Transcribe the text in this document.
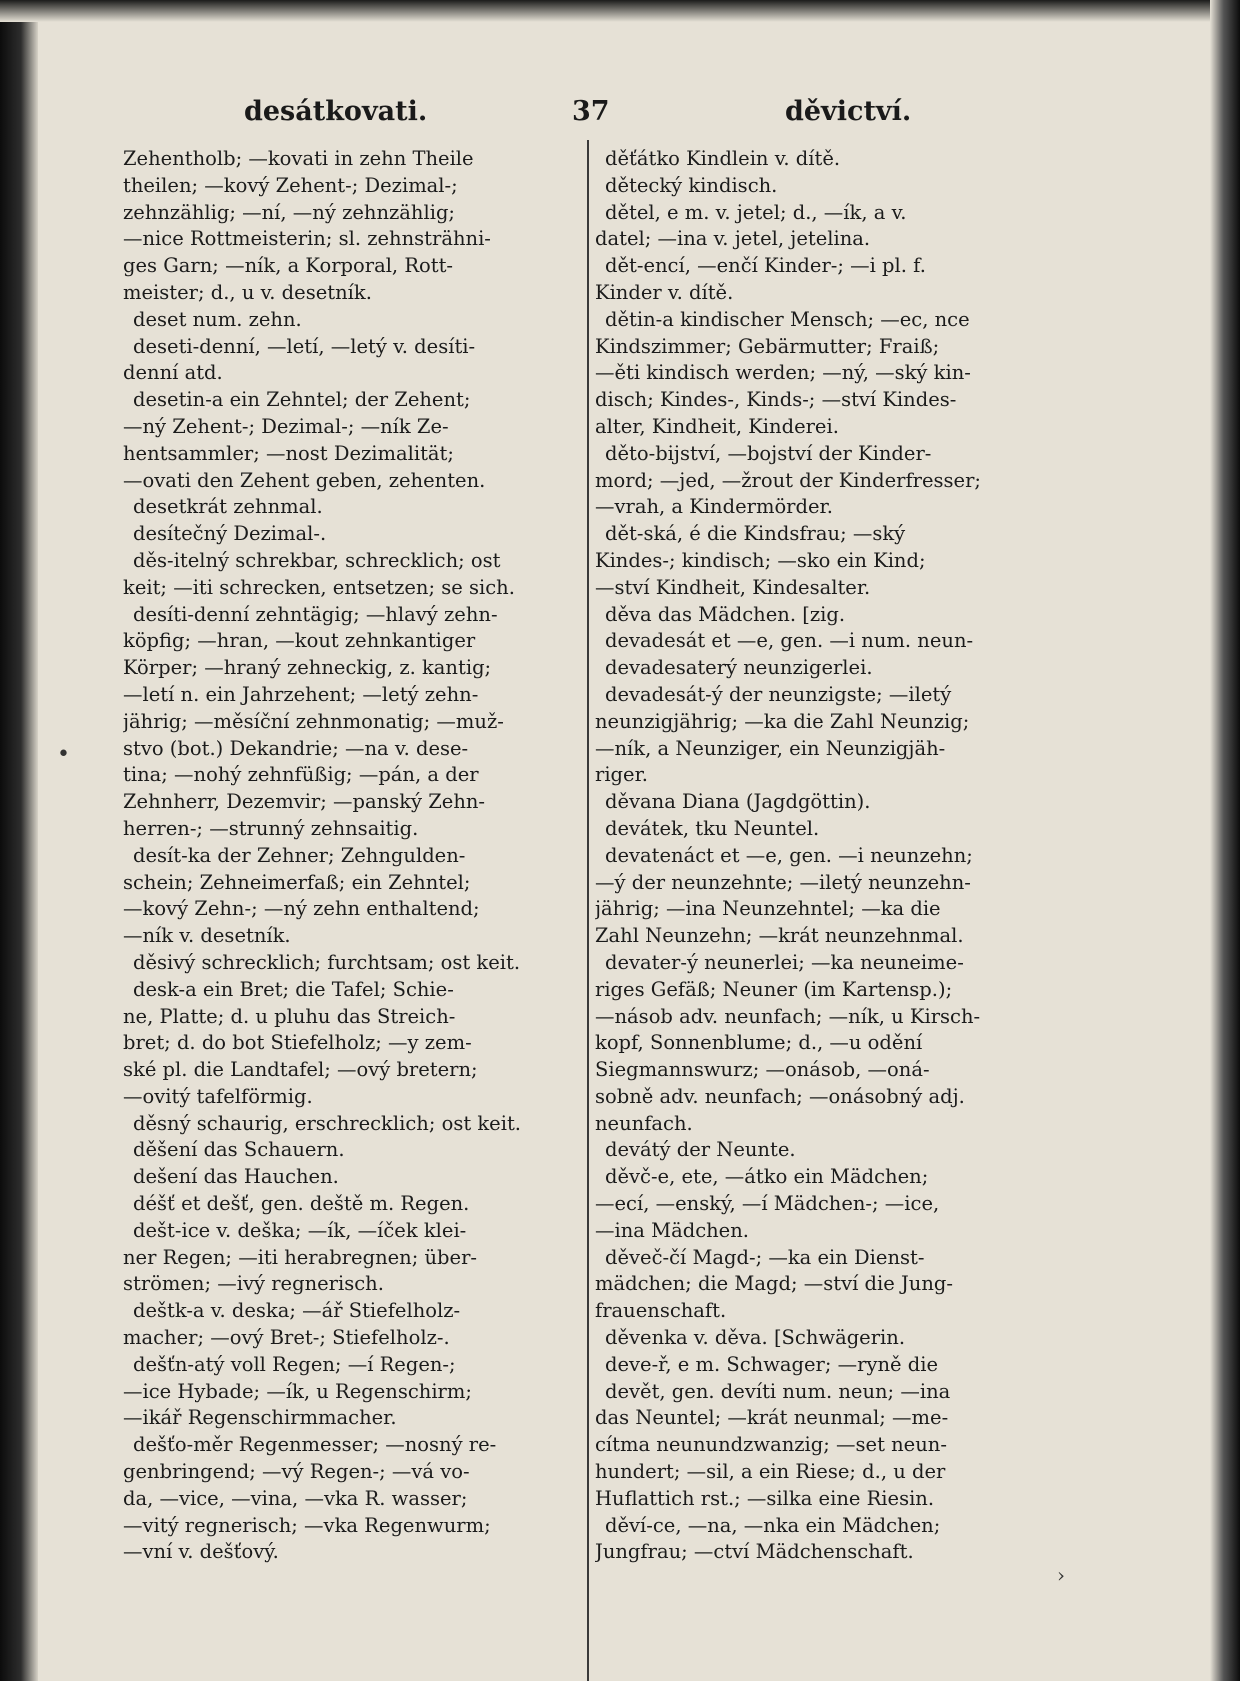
desátkovati.	37	děvictví.
Zehentholb; —kovati in zehn Theile
theilen; —kový Zehent-; Dezimal-;
zehnzählig; —ní, —ný zehnzählig;
—nice Rottmeisterin; sl. zehnsträhni-
ges Garn; —ník, a Korporal, Rott-
meister; d., u v. desetník.
deset num. zehn.
deseti-denní, —letí, —letý v. desíti-
denní atd.
desetin-a ein Zehntel; der Zehent;
—ný Zehent-; Dezimal-; —ník Ze-
hentsammler; —nost Dezimalität;
—ovati den Zehent geben, zehenten.
desetkrát zehnmal.
desítečný Dezimal-.
děs-itelný schrekbar, schrecklich; ost
keit; —iti schrecken, entsetzen; se sich.
desíti-denní zehntägig; —hlavý zehn-
köpfig; —hran, —kout zehnkantiger
Körper; —hraný zehneckig, z. kantig;
—letí n. ein Jahrzehent; —letý zehn-
jährig; —měsíční zehnmonatig; —muž-
stvo (bot.) Dekandrie; —na v. dese-
tina; —nohý zehnfüßig; —pán, a der
Zehnherr, Dezemvir; —panský Zehn-
herren-; —strunný zehnsaitig.
desít-ka der Zehner; Zehngulden-
schein; Zehneimerfaß; ein Zehntel;
—kový Zehn-; —ný zehn enthaltend;
—ník v. desetník.
děsivý schrecklich; furchtsam; ost keit.
desk-a ein Bret; die Tafel; Schie-
ne, Platte; d. u pluhu das Streich-
bret; d. do bot Stiefelholz; —y zem-
ské pl. die Landtafel; —ový bretern;
—ovitý tafelförmig.
děsný schaurig, erschrecklich; ost keit.
děšení das Schauern.
dešení das Hauchen.
déšť et dešť, gen. deště m. Regen.
dešt-ice v. deška; —ík, —íček klei-
ner Regen; —iti herabregnen; über-
strömen; —ivý regnerisch.
deštk-a v. deska; —ář Stiefelholz-
macher; —ový Bret-; Stiefelholz-.
dešťn-atý voll Regen; —í Regen-;
—ice Hybade; —ík, u Regenschirm;
—ikář Regenschirmmacher.
dešťo-měr Regenmesser; —nosný re-
genbringend; —vý Regen-; —vá vo-
da, —vice, —vina, —vka R. wasser;
—vitý regnerisch; —vka Regenwurm;
—vní v. dešťový.
děťátko Kindlein v. dítě.
dětecký kindisch.
dětel, e m. v. jetel; d., —ík, a v.
datel; —ina v. jetel, jetelina.
dět-encí, —enčí Kinder-; —i pl. f.
Kinder v. dítě.
dětin-a kindischer Mensch; —ec, nce
Kindszimmer; Gebärmutter; Fraiß;
—ěti kindisch werden; —ný, —ský kin-
disch; Kindes-, Kinds-; —ství Kindes-
alter, Kindheit, Kinderei.
děto-bijství, —bojství der Kinder-
mord; —jed, —žrout der Kinderfresser;
—vrah, a Kindermörder.
dět-ská, é die Kindsfrau; —ský
Kindes-; kindisch; —sko ein Kind;
—ství Kindheit, Kindesalter.
děva das Mädchen. [zig.
devadesát et —e, gen. —i num. neun-
devadesaterý neunzigerlei.
devadesát-ý der neunzigste; —iletý
neunzigjährig; —ka die Zahl Neunzig;
—ník, a Neunziger, ein Neunzigjäh-
riger.
děvana Diana (Jagdgöttin).
devátek, tku Neuntel.
devatenáct et —e, gen. —i neunzehn;
—ý der neunzehnte; —iletý neunzehn-
jährig; —ina Neunzehntel; —ka die
Zahl Neunzehn; —krát neunzehnmal.
devater-ý neunerlei; —ka neuneime-
riges Gefäß; Neuner (im Kartensp.);
—násob adv. neunfach; —ník, u Kirsch-
kopf, Sonnenblume; d., —u odění
Siegmannswurz; —onásob, —oná-
sobně adv. neunfach; —onásobný adj.
neunfach.
devátý der Neunte.
děvč-e, ete, —átko ein Mädchen;
—ecí, —enský, —í Mädchen-; —ice,
—ina Mädchen.
děveč-čí Magd-; —ka ein Dienst-
mädchen; die Magd; —ství die Jung-
frauenschaft.
děvenka v. děva. [Schwägerin.
deve-ř, e m. Schwager; —ryně die
devět, gen. devíti num. neun; —ina
das Neuntel; —krát neunmal; —me-
cítma neunundzwanzig; —set neun-
hundert; —sil, a ein Riese; d., u der
Huflattich rst.; —silka eine Riesin.
děví-ce, —na, —nka ein Mädchen;
Jungfrau; —ctví Mädchenschaft.
•
›
